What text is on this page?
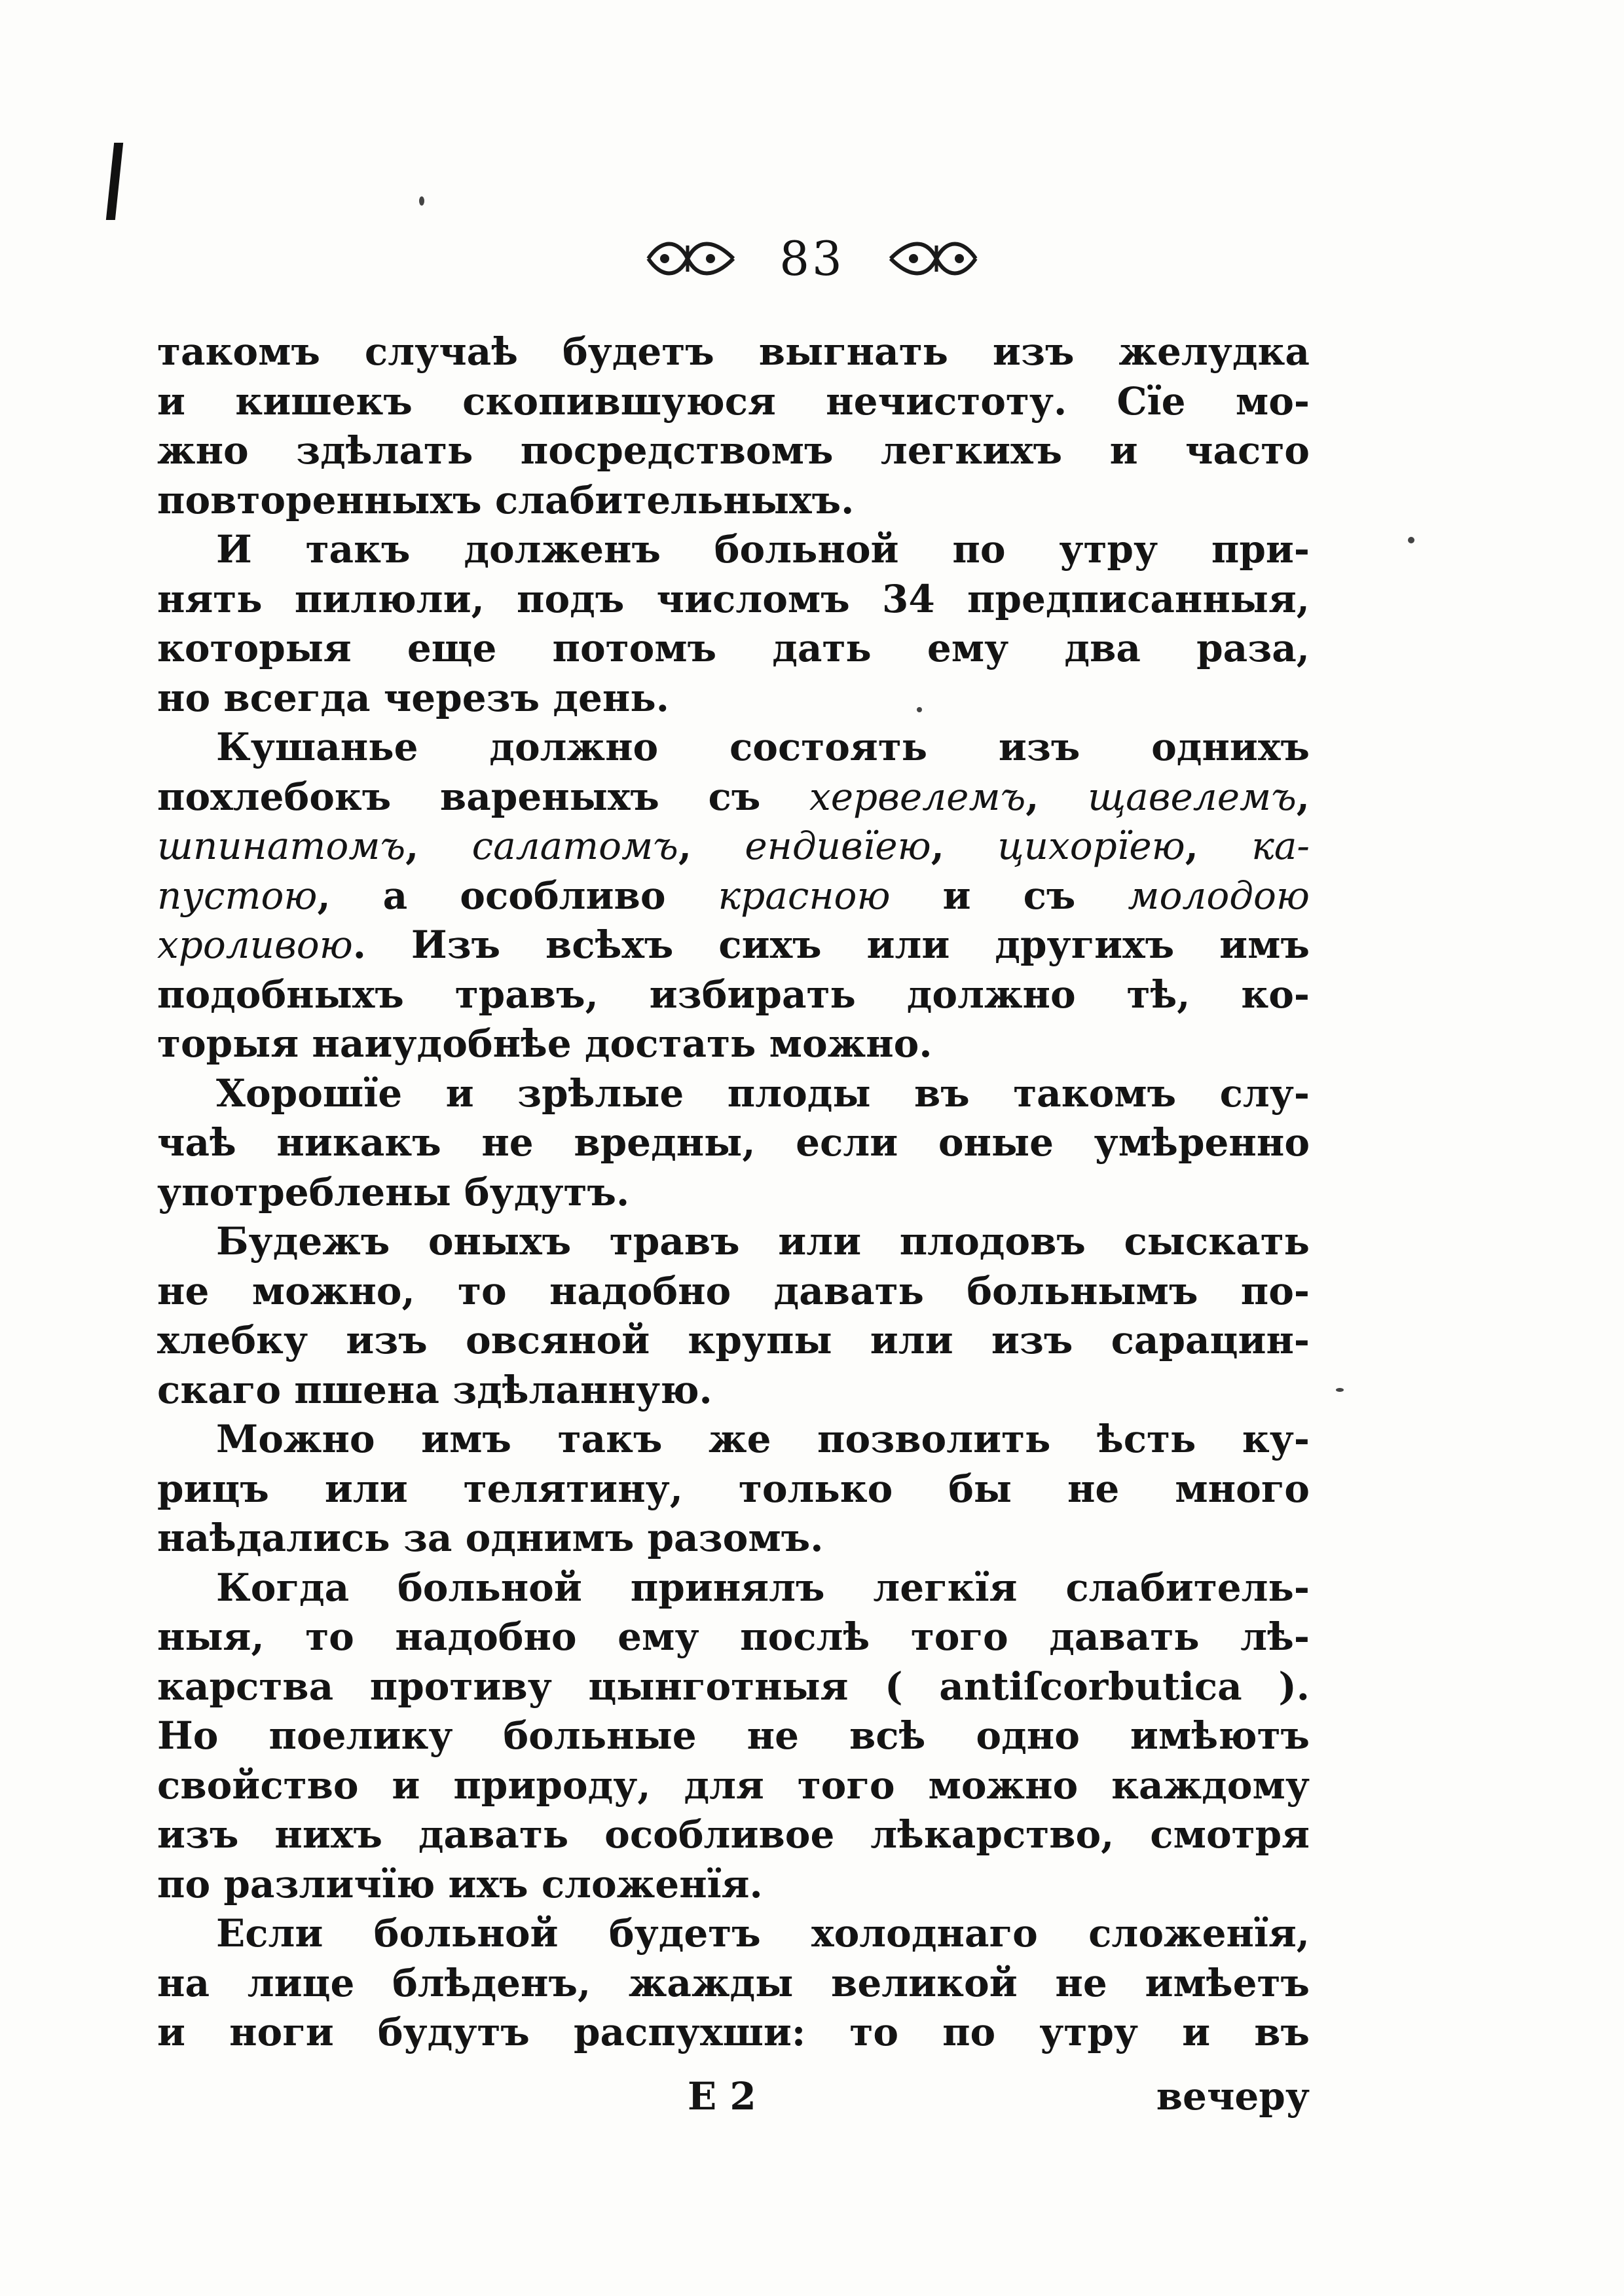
83
такомъ случаѣ будетъ выгнать изъ желудка
и кишекъ скопившуюся нечистоту. Сїе мо-
жно здѣлать посредствомъ легкихъ и часто
повторенныхъ слабительныхъ.
И такъ долженъ больной по утру при-
нять пилюли, подъ числомъ 34 предписанныя,
которыя еще потомъ дать ему два раза,
но всегда черезъ день.
Кушанье должно состоять изъ однихъ
похлебокъ вареныхъ съ хервелемъ, щавелемъ,
шпинатомъ, салатомъ, ендивїею, цихорїею, ка-
пустою, а особливо красною и съ молодою
хроливою. Изъ всѣхъ сихъ или другихъ имъ
подобныхъ травъ, избирать должно тѣ, ко-
торыя наиудобнѣе достать можно.
Хорошїе и зрѣлые плоды въ такомъ слу-
чаѣ никакъ не вредны, если оные умѣренно
употреблены будутъ.
Будежъ оныхъ травъ или плодовъ сыскать
не можно, то надобно давать больнымъ по-
хлебку изъ овсяной крупы или изъ сарацин-
скаго пшена здѣланную.
Можно имъ такъ же позволить ѣсть ку-
рицъ или телятину, только бы не много
наѣдались за однимъ разомъ.
Когда больной принялъ легкїя слабитель-
ныя, то надобно ему послѣ того давать лѣ-
карства противу цынготныя ( antiſcorbutica ).
Но поелику больные не всѣ одно имѣютъ
свойство и природу, для того можно каждому
изъ нихъ давать особливое лѣкарство, смотря
по различїю ихъ сложенїя.
Если больной будетъ холоднаго сложенїя,
на лице блѣденъ, жажды великой не имѣетъ
и ноги будутъ распухши: то по утру и въ
Е 2	вечеру
